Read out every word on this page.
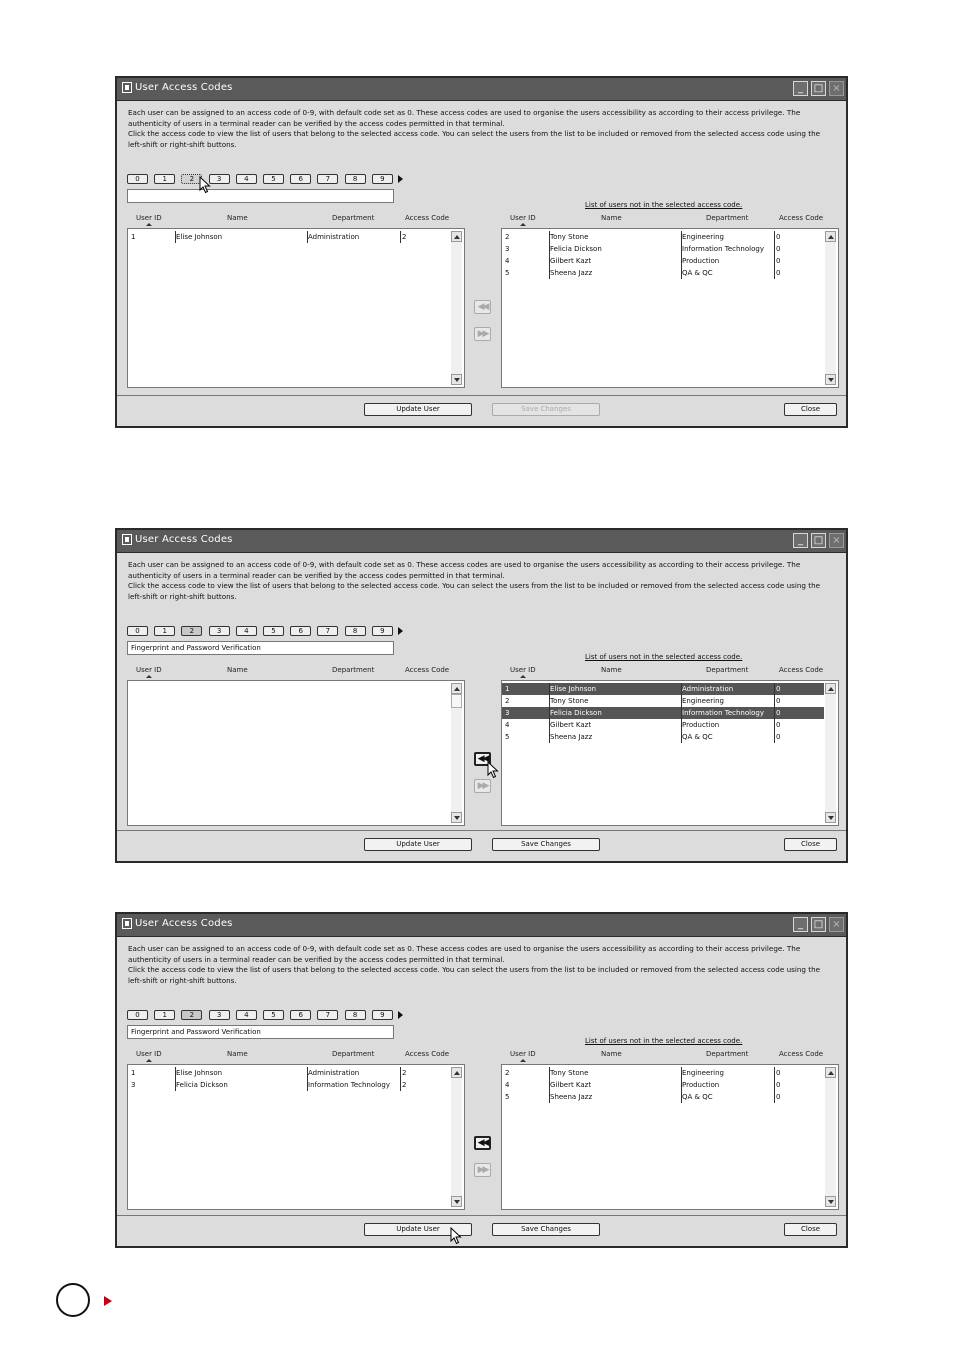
User Access Codes	_	□ ×

Each user can be assigned to an access code of 0-9, with default code set as 0. These access codes are used to organise the users accessibility as according to their access privilege. The authenticity of users in a terminal reader can be verified by the access codes permitted in that terminal.

Click the access code to view the list of users that belong to the selected access code. You can select the users from the list to be included or removed from the selected access code using the left-shift or right-shift buttons.

0	1	2	3	4	5	6	7	8	9
List of users not in the selected access code.
User ID	Name	Department	Access Code
1	Elise Johnson	Administration	2
User ID	Name	Department	Access Code
2	Tony Stone	Engineering	0
3	Felicia Dickson	Information Technology 0
4	Gilbert Kazt	Production	0
5	Sheena Jazz	QA & QC	0
◀◀
▶▶
Update User	Save Changes	Close
User Access Codes	_	□ ×

Each user can be assigned to an access code of 0-9, with default code set as 0. These access codes are used to organise the users accessibility as according to their access privilege. The authenticity of users in a terminal reader can be verified by the access codes permitted in that terminal.

Click the access code to view the list of users that belong to the selected access code. You can select the users from the list to be included or removed from the selected access code using the left-shift or right-shift buttons.

0	1	2	3	4	5	6	7	8	9
Fingerprint and Password Verification
List of users not in the selected access code.
User ID	Name	Department	Access Code	User ID	Name	Department	Access Code
1	Elise Johnson	Administration	0
2	Tony Stone	Engineering	0
3	Felicia Dickson	Information Technology 0
4	Gilbert Kazt	Production	0
5	Sheena Jazz	QA & QC	0
◀◀
▶▶
Update User	Save Changes	Close
User Access Codes	_	□ ×

Each user can be assigned to an access code of 0-9, with default code set as 0. These access codes are used to organise the users accessibility as according to their access privilege. The authenticity of users in a terminal reader can be verified by the access codes permitted in that terminal.

Click the access code to view the list of users that belong to the selected access code. You can select the users from the list to be included or removed from the selected access code using the left-shift or right-shift buttons.

0	1	2	3	4	5	6	7	8	9
Fingerprint and Password Verification
List of users not in the selected access code.
User ID	Name	Department	Access Code
1	Elise Johnson	Administration	2
3	Felicia Dickson	Information Technology 2
User ID	Name	Department	Access Code
2	Tony Stone	Engineering	0
4	Gilbert Kazt	Production	0
5	Sheena Jazz	QA & QC	0
◀◀
▶▶
Update User	Save Changes	Close
